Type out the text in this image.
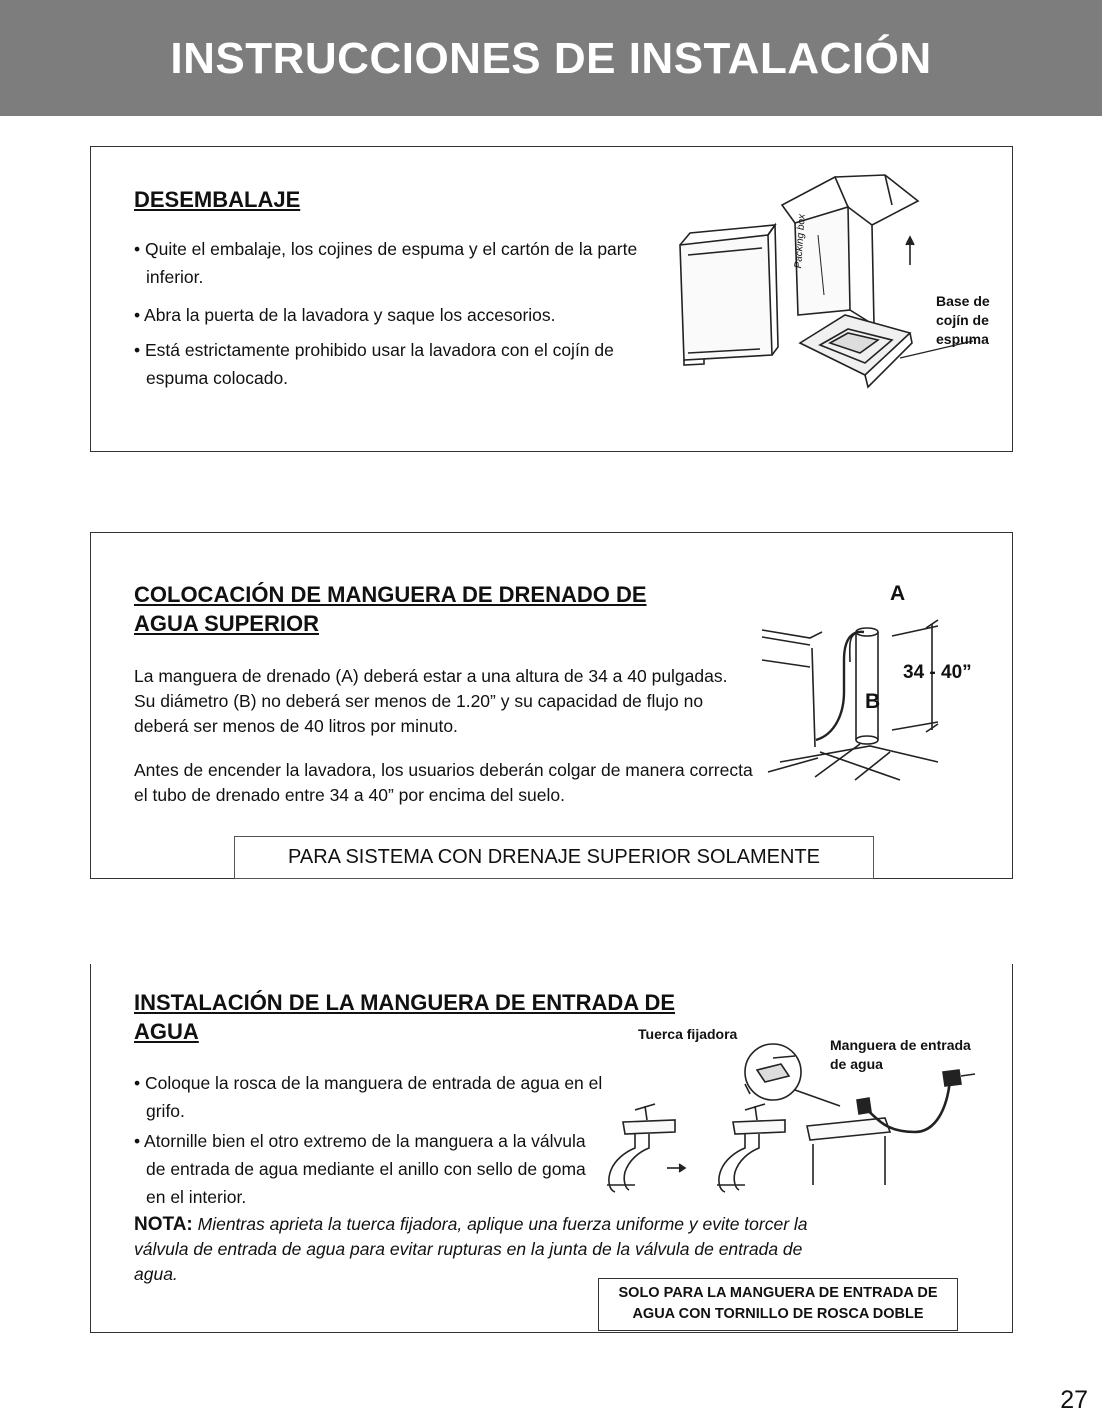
INSTRUCCIONES DE INSTALACIÓN
DESEMBALAJE
• Quite el embalaje, los cojines de espuma y el cartón de la parte inferior.
• Abra la puerta de la lavadora y saque los accesorios.
• Está estrictamente prohibido usar la lavadora con el cojín de espuma colocado.
Base de
cojín de
espuma
Packing box
COLOCACIÓN DE MANGUERA DE DRENADO DE
AGUA SUPERIOR
La manguera de drenado (A) deberá estar a una altura de 34 a 40 pulgadas. Su diámetro (B) no deberá ser menos de 1.20” y su capacidad de flujo no deberá ser menos de 40 litros por minuto.
Antes de encender la lavadora, los usuarios deberán colgar de manera correcta el tubo de drenado entre 34 a 40” por encima del suelo.
A
B
34 - 40”
PARA SISTEMA CON DRENAJE SUPERIOR SOLAMENTE
INSTALACIÓN DE LA MANGUERA DE ENTRADA DE
AGUA
• Coloque la rosca de la manguera de entrada de agua en el grifo.
• Atornille bien el otro extremo de la manguera a la válvula de entrada de agua mediante el anillo con sello de goma en el interior.
NOTA: Mientras aprieta la tuerca fijadora, aplique una fuerza uniforme y evite torcer la válvula de entrada de agua para evitar rupturas en la junta de la válvula de entrada de agua.
Tuerca fijadora
Manguera de entrada
de agua
SOLO PARA LA MANGUERA DE ENTRADA DE
AGUA CON TORNILLO DE ROSCA DOBLE
27
